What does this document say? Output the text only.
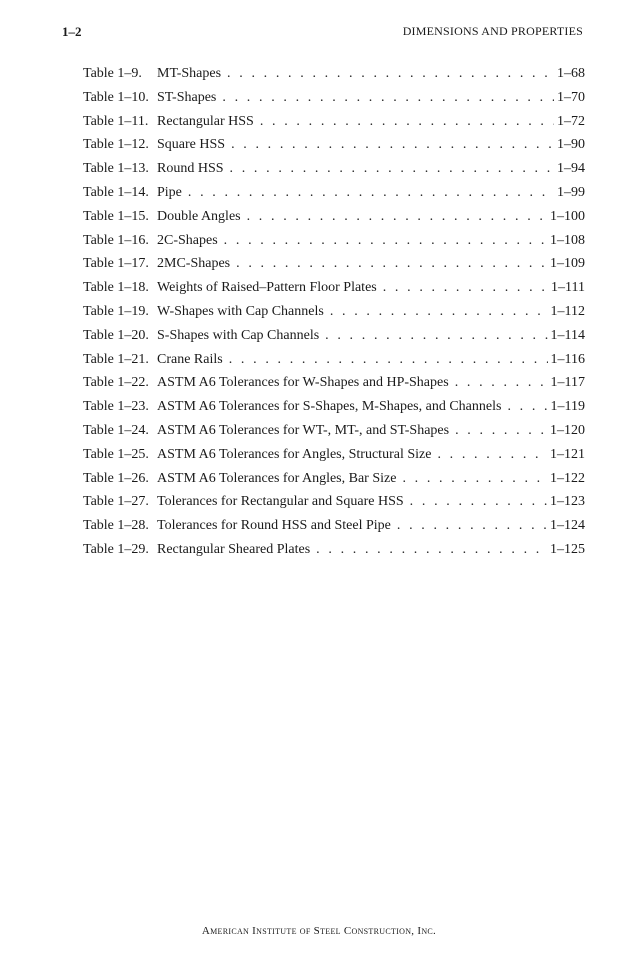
1–2	DIMENSIONS AND PROPERTIES
Table 1–9.	MT-Shapes . . .	1–68
Table 1–10. ST-Shapes . . .	1–70
Table 1–11. Rectangular HSS . . .	1–72
Table 1–12. Square HSS . . .	1–90
Table 1–13. Round HSS . . .	1–94
Table 1–14. Pipe . . .	1–99
Table 1–15. Double Angles . . .	1–100
Table 1–16. 2C-Shapes . . .	1–108
Table 1–17. 2MC-Shapes . . .	1–109
Table 1–18. Weights of Raised–Pattern Floor Plates . . .	1–111
Table 1–19. W-Shapes with Cap Channels . . .	1–112
Table 1–20. S-Shapes with Cap Channels . . .	1–114
Table 1–21. Crane Rails . . .	1–116
Table 1–22. ASTM A6 Tolerances for W-Shapes and HP-Shapes . . .	1–117
Table 1–23. ASTM A6 Tolerances for S-Shapes, M-Shapes, and Channels . . .	1–119
Table 1–24. ASTM A6 Tolerances for WT-, MT-, and ST-Shapes . . .	1–120
Table 1–25. ASTM A6 Tolerances for Angles, Structural Size . . .	1–121
Table 1–26. ASTM A6 Tolerances for Angles, Bar Size . . .	1–122
Table 1–27. Tolerances for Rectangular and Square HSS . . .	1–123
Table 1–28. Tolerances for Round HSS and Steel Pipe . . .	1–124
Table 1–29. Rectangular Sheared Plates . . .	1–125
American Institute of Steel Construction, Inc.
